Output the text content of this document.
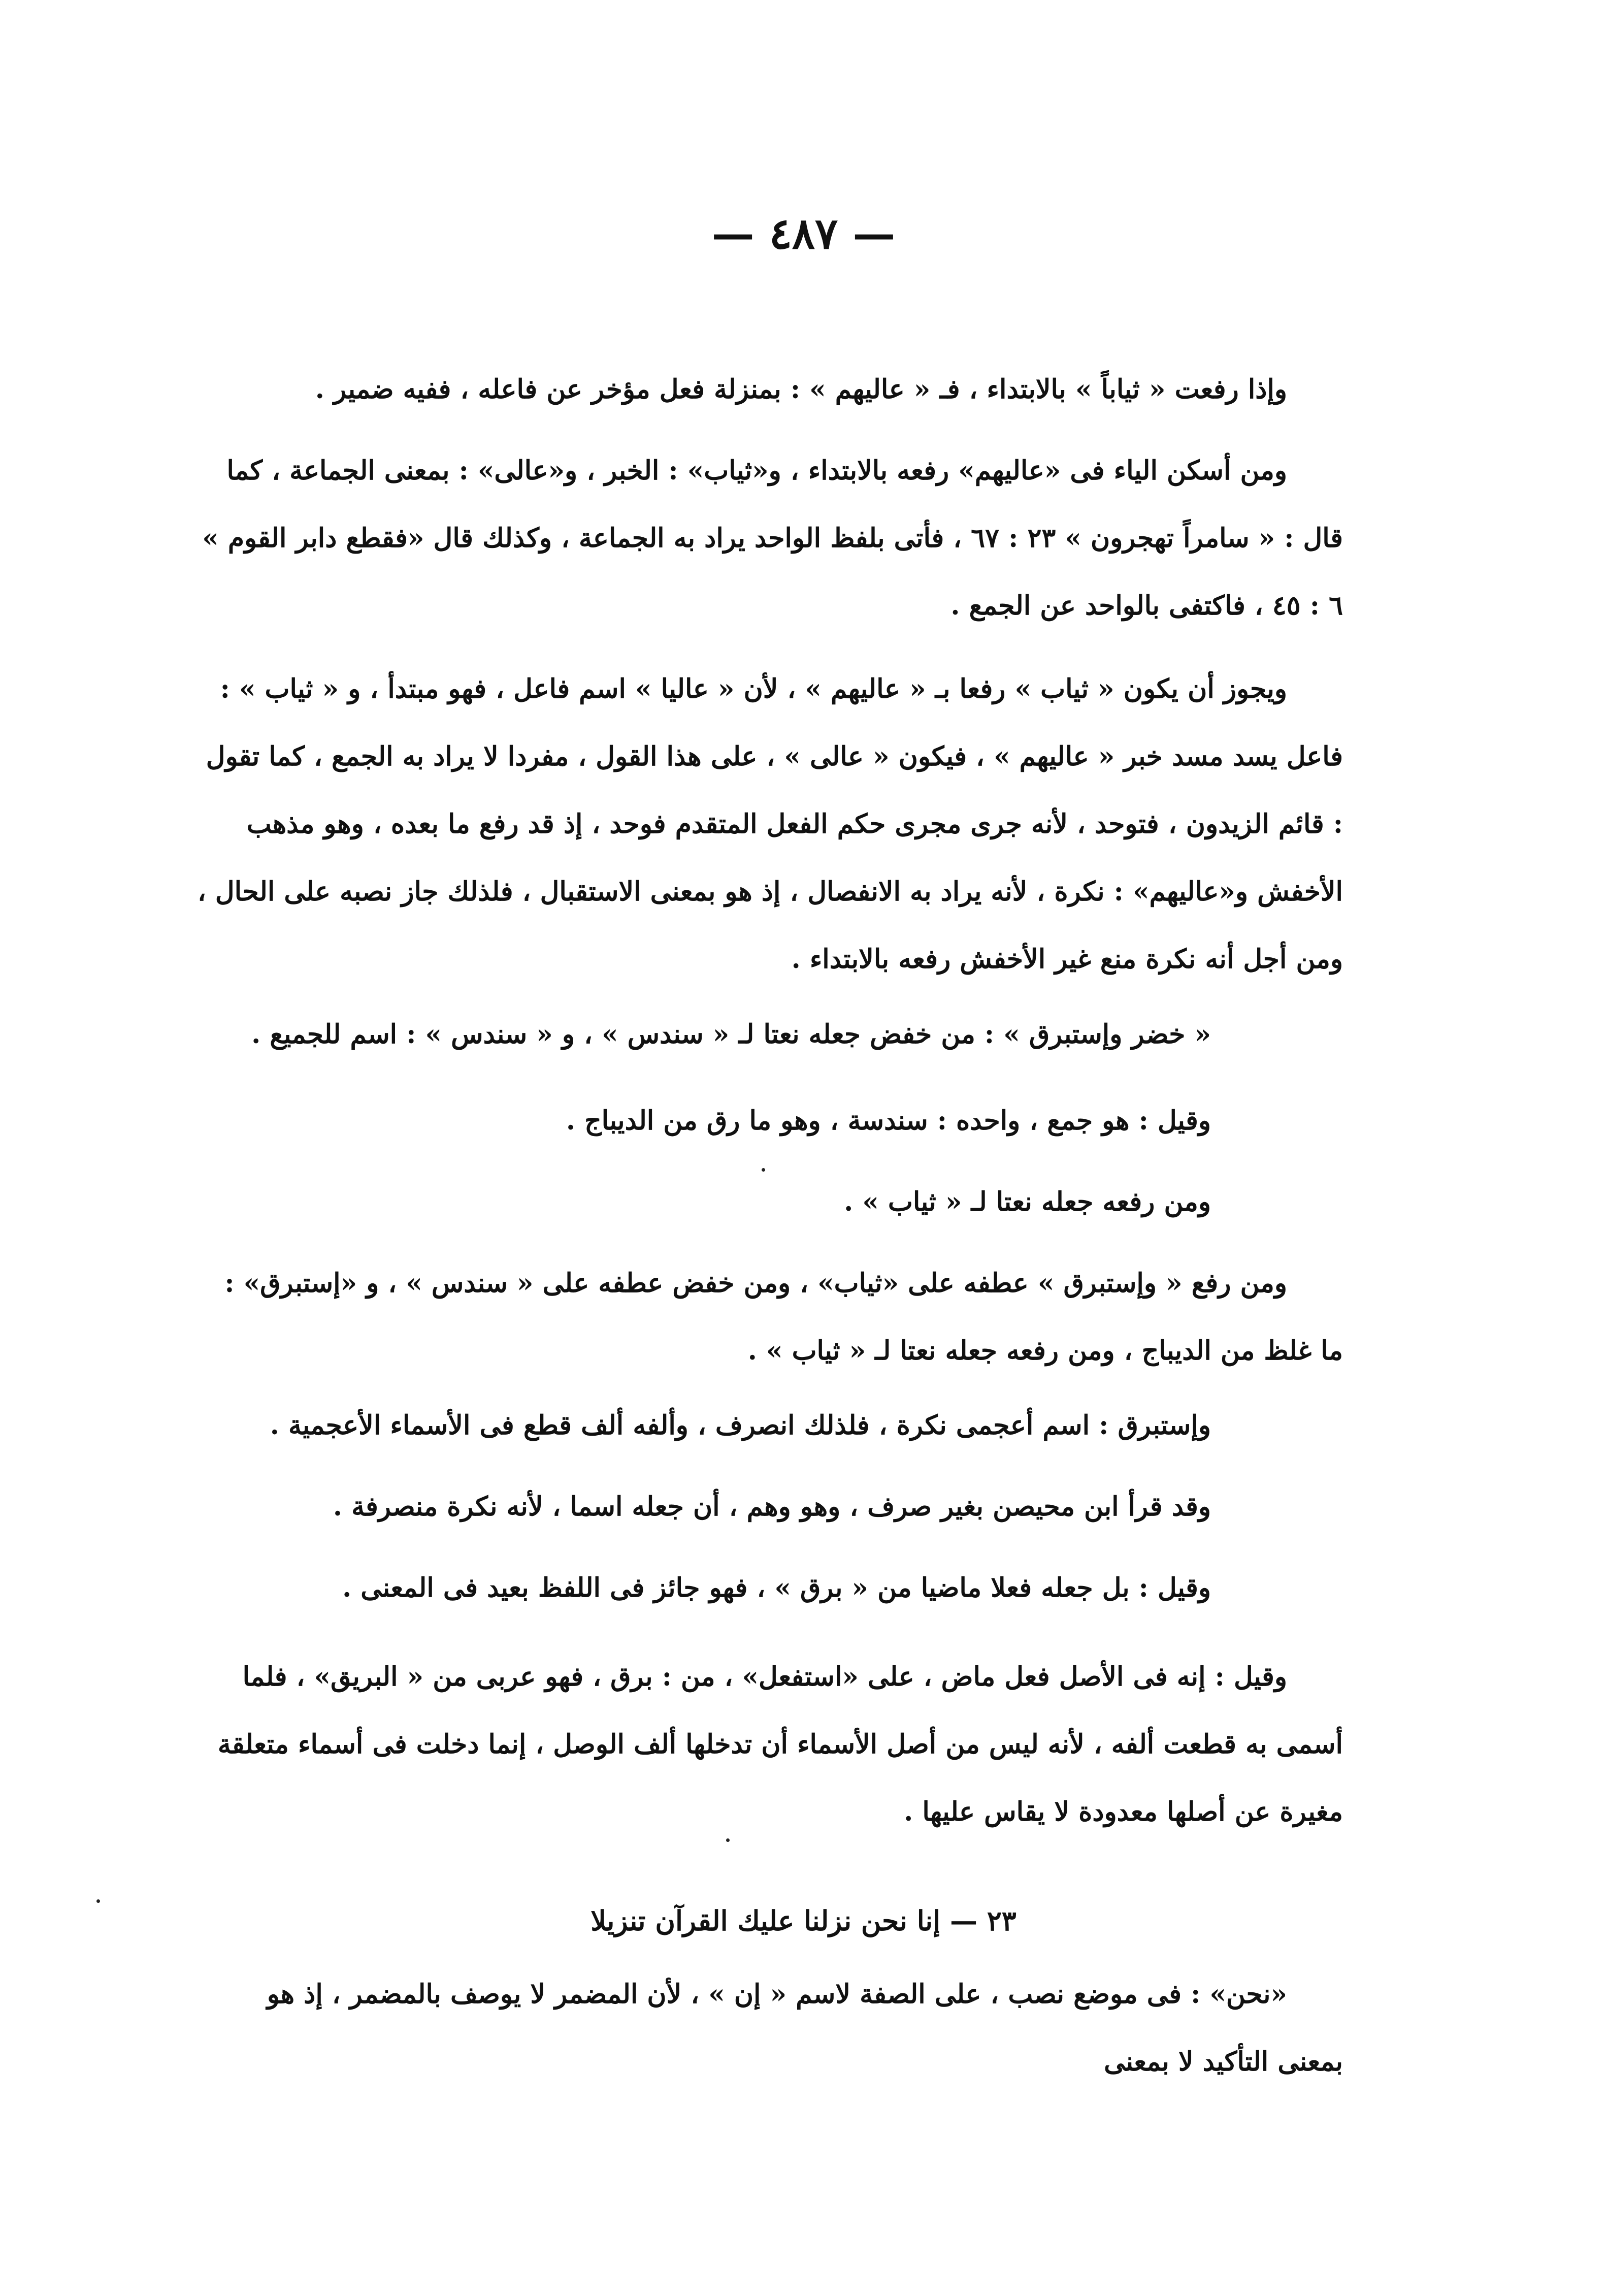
— ٤٨٧ —
وإذا رفعت « ثياباً » بالابتداء ، فـ « عاليهم » : بمنزلة فعل مؤخر عن فاعله ، ففيه ضمير .
ومن أسكن الياء فى «عاليهم» رفعه بالابتداء ، و«ثياب» : الخبر ، و«عالى» : بمعنى الجماعة ، كما قال : « سامراً تهجرون » ٢٣ : ٦٧ ، فأتى بلفظ الواحد يراد به الجماعة ، وكذلك قال «فقطع دابر القوم » ٦ : ٤٥ ، فاكتفى بالواحد عن الجمع .
ويجوز أن يكون « ثياب » رفعا بـ « عاليهم » ، لأن « عاليا » اسم فاعل ، فهو مبتدأ ، و « ثياب » : فاعل يسد مسد خبر « عاليهم » ، فيكون « عالى » ، على هذا القول ، مفردا لا يراد به الجمع ، كما تقول : قائم الزيدون ، فتوحد ، لأنه جرى مجرى حكم الفعل المتقدم فوحد ، إذ قد رفع ما بعده ، وهو مذهب الأخفش و«عاليهم» : نكرة ، لأنه يراد به الانفصال ، إذ هو بمعنى الاستقبال ، فلذلك جاز نصبه على الحال ، ومن أجل أنه نكرة منع غير الأخفش رفعه بالابتداء .
« خضر وإستبرق » : من خفض جعله نعتا لـ « سندس » ، و « سندس » : اسم للجميع .
وقيل : هو جمع ، واحده : سندسة ، وهو ما رق من الديباج .
ومن رفعه جعله نعتا لـ « ثياب » .
ومن رفع « وإستبرق » عطفه على «ثياب» ، ومن خفض عطفه على « سندس » ، و «إستبرق» : ما غلظ من الديباج ، ومن رفعه جعله نعتا لـ « ثياب » .
وإستبرق : اسم أعجمى نكرة ، فلذلك انصرف ، وألفه ألف قطع فى الأسماء الأعجمية .
وقد قرأ ابن محيصن بغير صرف ، وهو وهم ، أن جعله اسما ، لأنه نكرة منصرفة .
وقيل : بل جعله فعلا ماضيا من « برق » ، فهو جائز فى اللفظ بعيد فى المعنى .
وقيل : إنه فى الأصل فعل ماض ، على «استفعل» ، من : برق ، فهو عربى من « البريق» ، فلما أسمى به قطعت ألفه ، لأنه ليس من أصل الأسماء أن تدخلها ألف الوصل ، إنما دخلت فى أسماء متعلقة مغيرة عن أصلها معدودة لا يقاس عليها .
٢٣ — إنا نحن نزلنا عليك القرآن تنزيلا
«نحن» : فى موضع نصب ، على الصفة لاسم « إن » ، لأن المضمر لا يوصف بالمضمر ، إذ هو بمعنى التأكيد لا بمعنى
